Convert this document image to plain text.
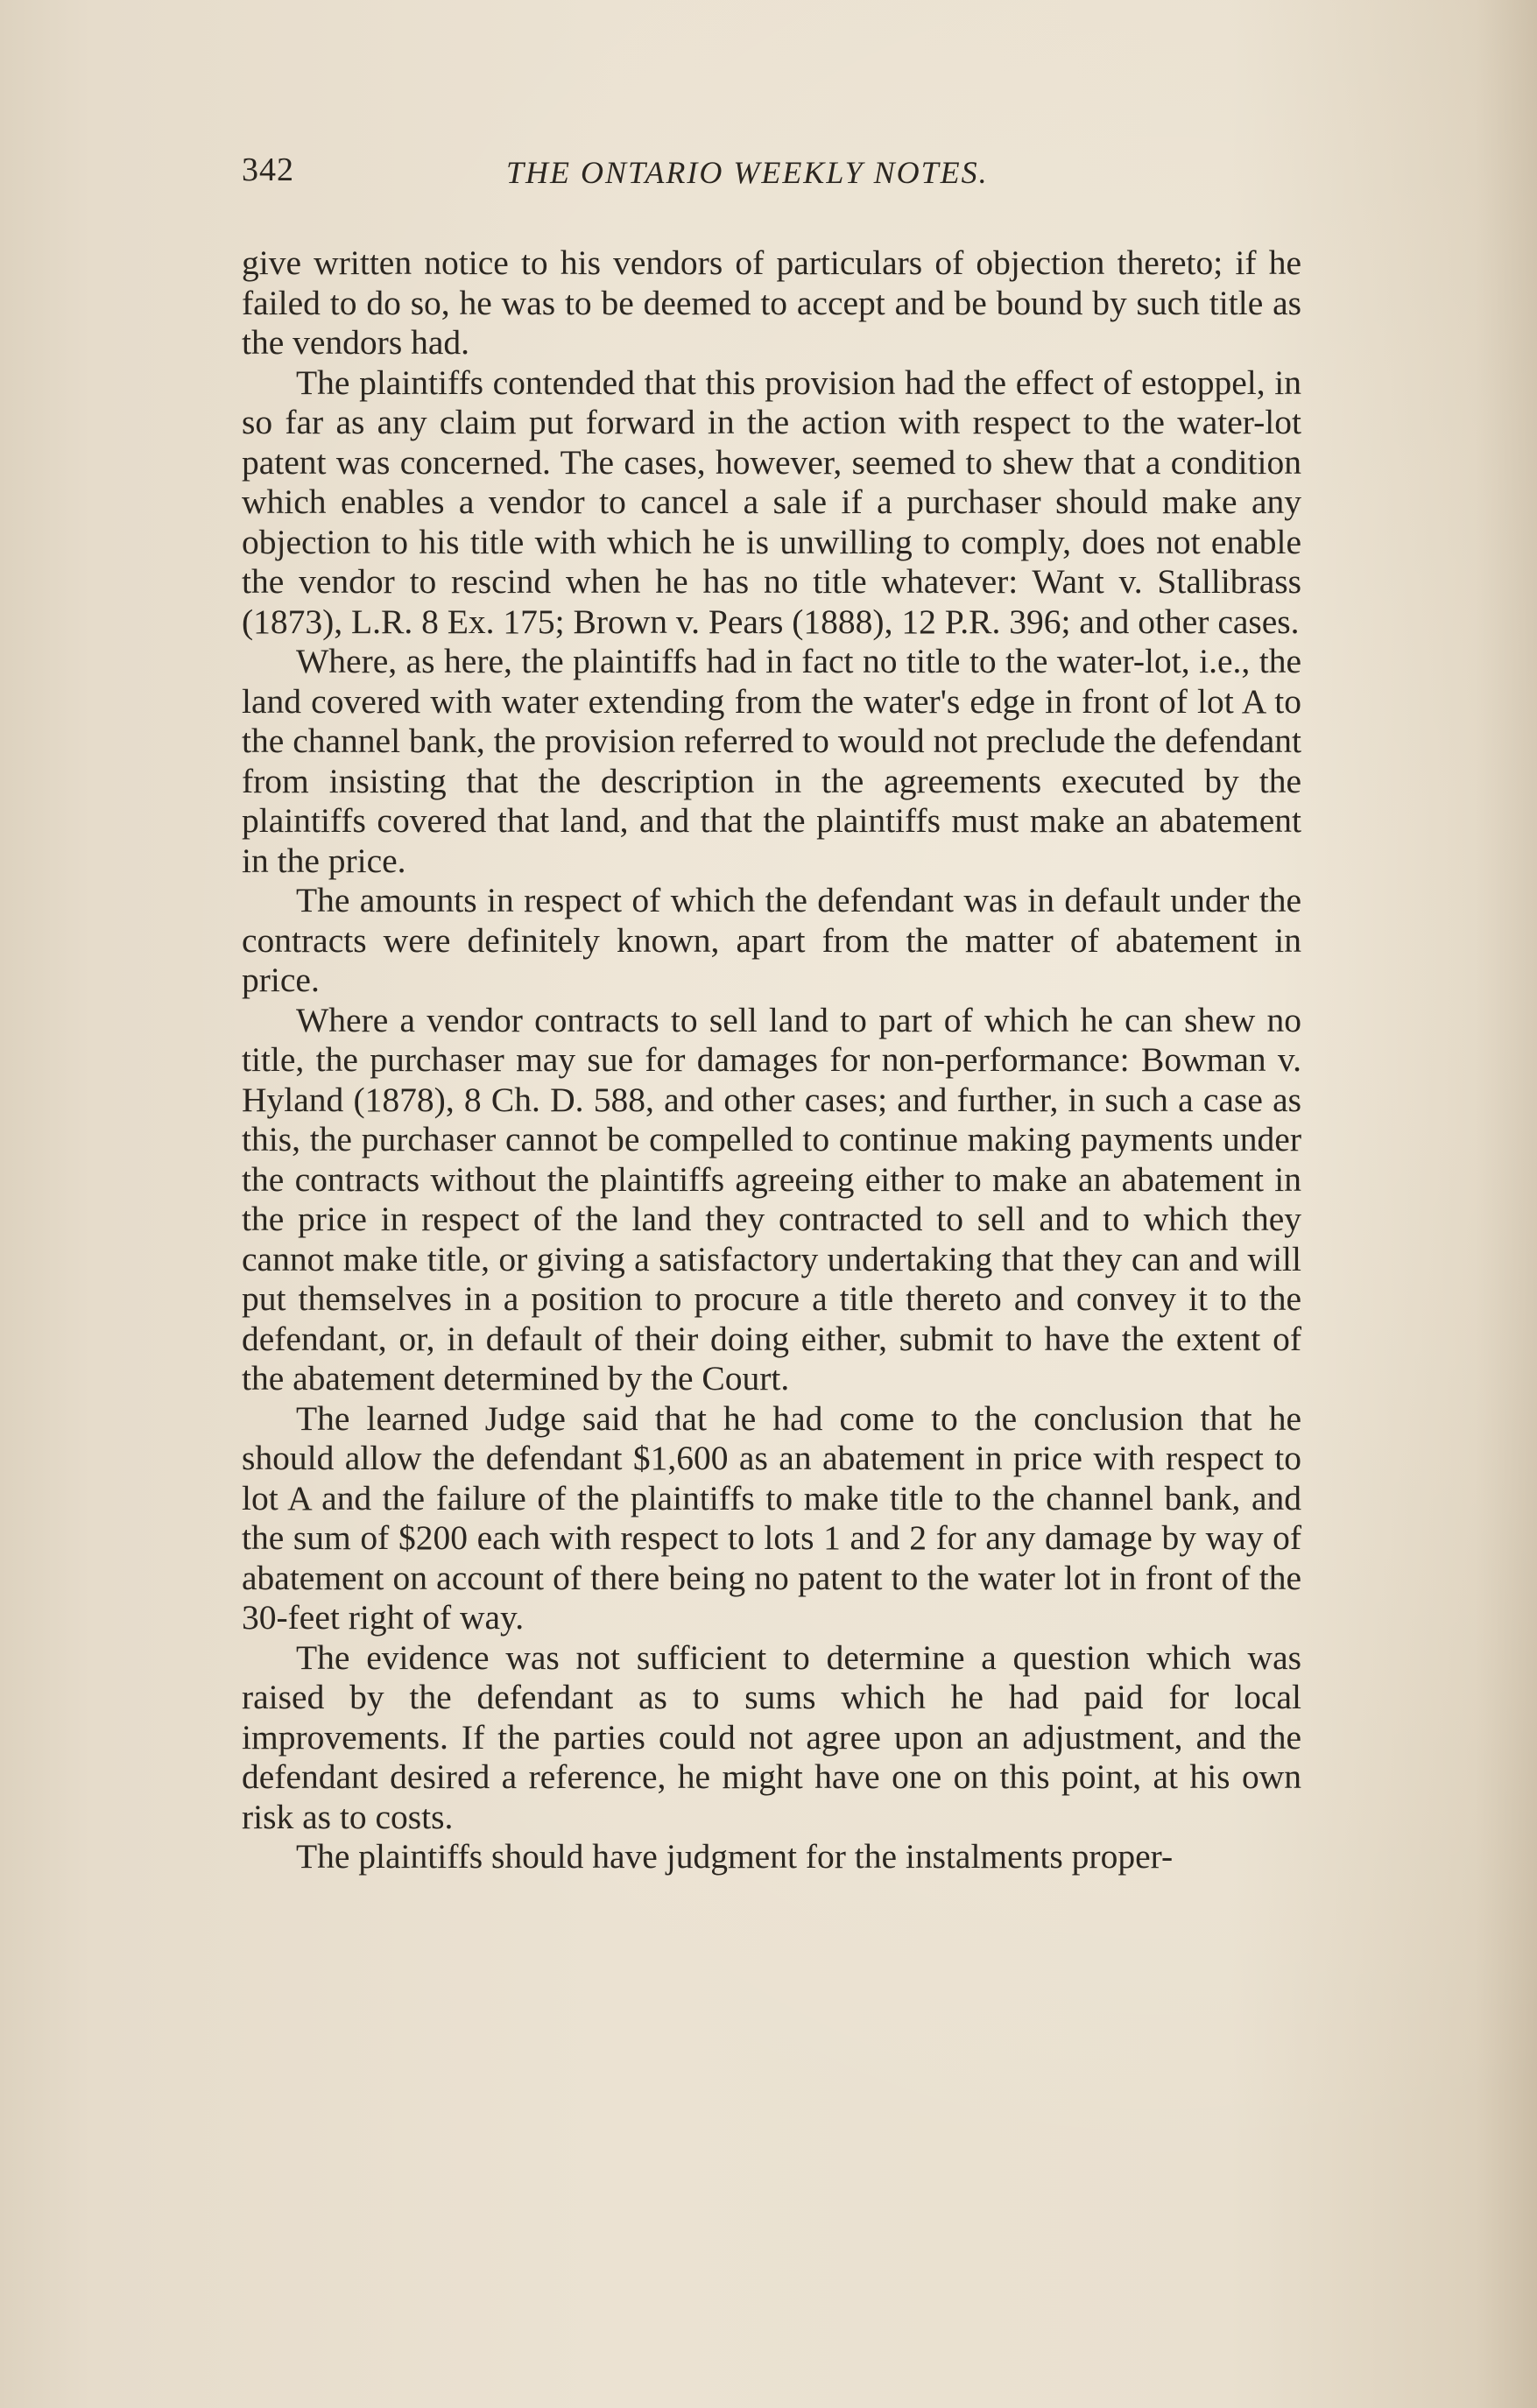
342	THE ONTARIO WEEKLY NOTES.

give written notice to his vendors of particulars of objection thereto; if he failed to do so, he was to be deemed to accept and be bound by such title as the vendors had.

The plaintiffs contended that this provision had the effect of estoppel, in so far as any claim put forward in the action with respect to the water-lot patent was concerned. The cases, however, seemed to shew that a condition which enables a vendor to cancel a sale if a purchaser should make any objection to his title with which he is unwilling to comply, does not enable the vendor to rescind when he has no title whatever: Want v. Stallibrass (1873), L.R. 8 Ex. 175; Brown v. Pears (1888), 12 P.R. 396; and other cases.

Where, as here, the plaintiffs had in fact no title to the water-lot, i.e., the land covered with water extending from the water's edge in front of lot A to the channel bank, the provision referred to would not preclude the defendant from insisting that the description in the agreements executed by the plaintiffs covered that land, and that the plaintiffs must make an abatement in the price.

The amounts in respect of which the defendant was in default under the contracts were definitely known, apart from the matter of abatement in price.

Where a vendor contracts to sell land to part of which he can shew no title, the purchaser may sue for damages for non-performance: Bowman v. Hyland (1878), 8 Ch. D. 588, and other cases; and further, in such a case as this, the purchaser cannot be compelled to continue making payments under the contracts without the plaintiffs agreeing either to make an abatement in the price in respect of the land they contracted to sell and to which they cannot make title, or giving a satisfactory undertaking that they can and will put themselves in a position to procure a title thereto and convey it to the defendant, or, in default of their doing either, submit to have the extent of the abatement determined by the Court.

The learned Judge said that he had come to the conclusion that he should allow the defendant $1,600 as an abatement in price with respect to lot A and the failure of the plaintiffs to make title to the channel bank, and the sum of $200 each with respect to lots 1 and 2 for any damage by way of abatement on account of there being no patent to the water lot in front of the 30-feet right of way.

The evidence was not sufficient to determine a question which was raised by the defendant as to sums which he had paid for local improvements. If the parties could not agree upon an adjustment, and the defendant desired a reference, he might have one on this point, at his own risk as to costs.

The plaintiffs should have judgment for the instalments proper-
